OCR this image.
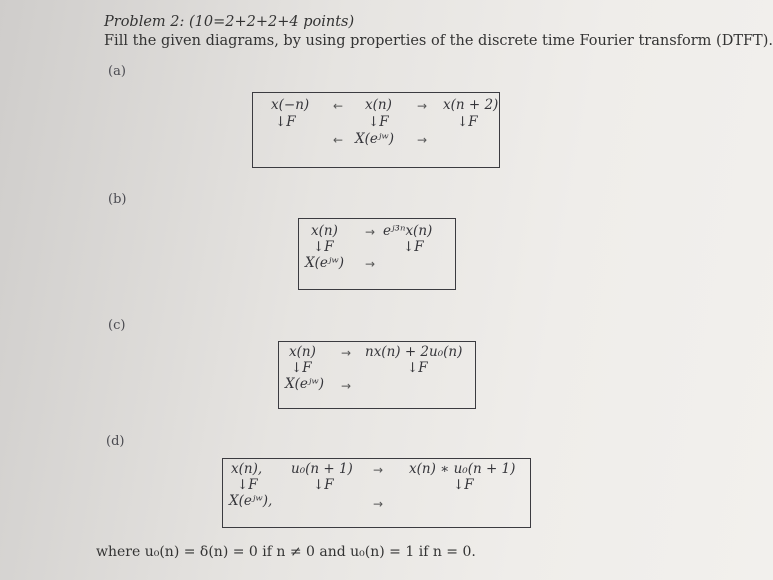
Problem 2: (10=2+2+2+4 points)
Fill the given diagrams, by using properties of the discrete time Fourier transform (DTFT).
(a)
x(−n)
↓F
← x(n)
↓F
→ x(n + 2)
↓F
← X(eʲʷ) →
(b)
x(n)
↓F
→ eʲ³ⁿx(n)
↓F
X(eʲʷ) →
(c)
x(n)
↓F
→ nx(n) + 2u₀(n)
↓F
X(eʲʷ) →
(d)
x(n),
↓F
u₀(n + 1)
↓F
→ x(n) ∗ u₀(n + 1)
↓F
X(eʲʷ),	→
where u₀(n) = δ(n) = 0 if n ≠ 0 and u₀(n) = 1 if n = 0.
